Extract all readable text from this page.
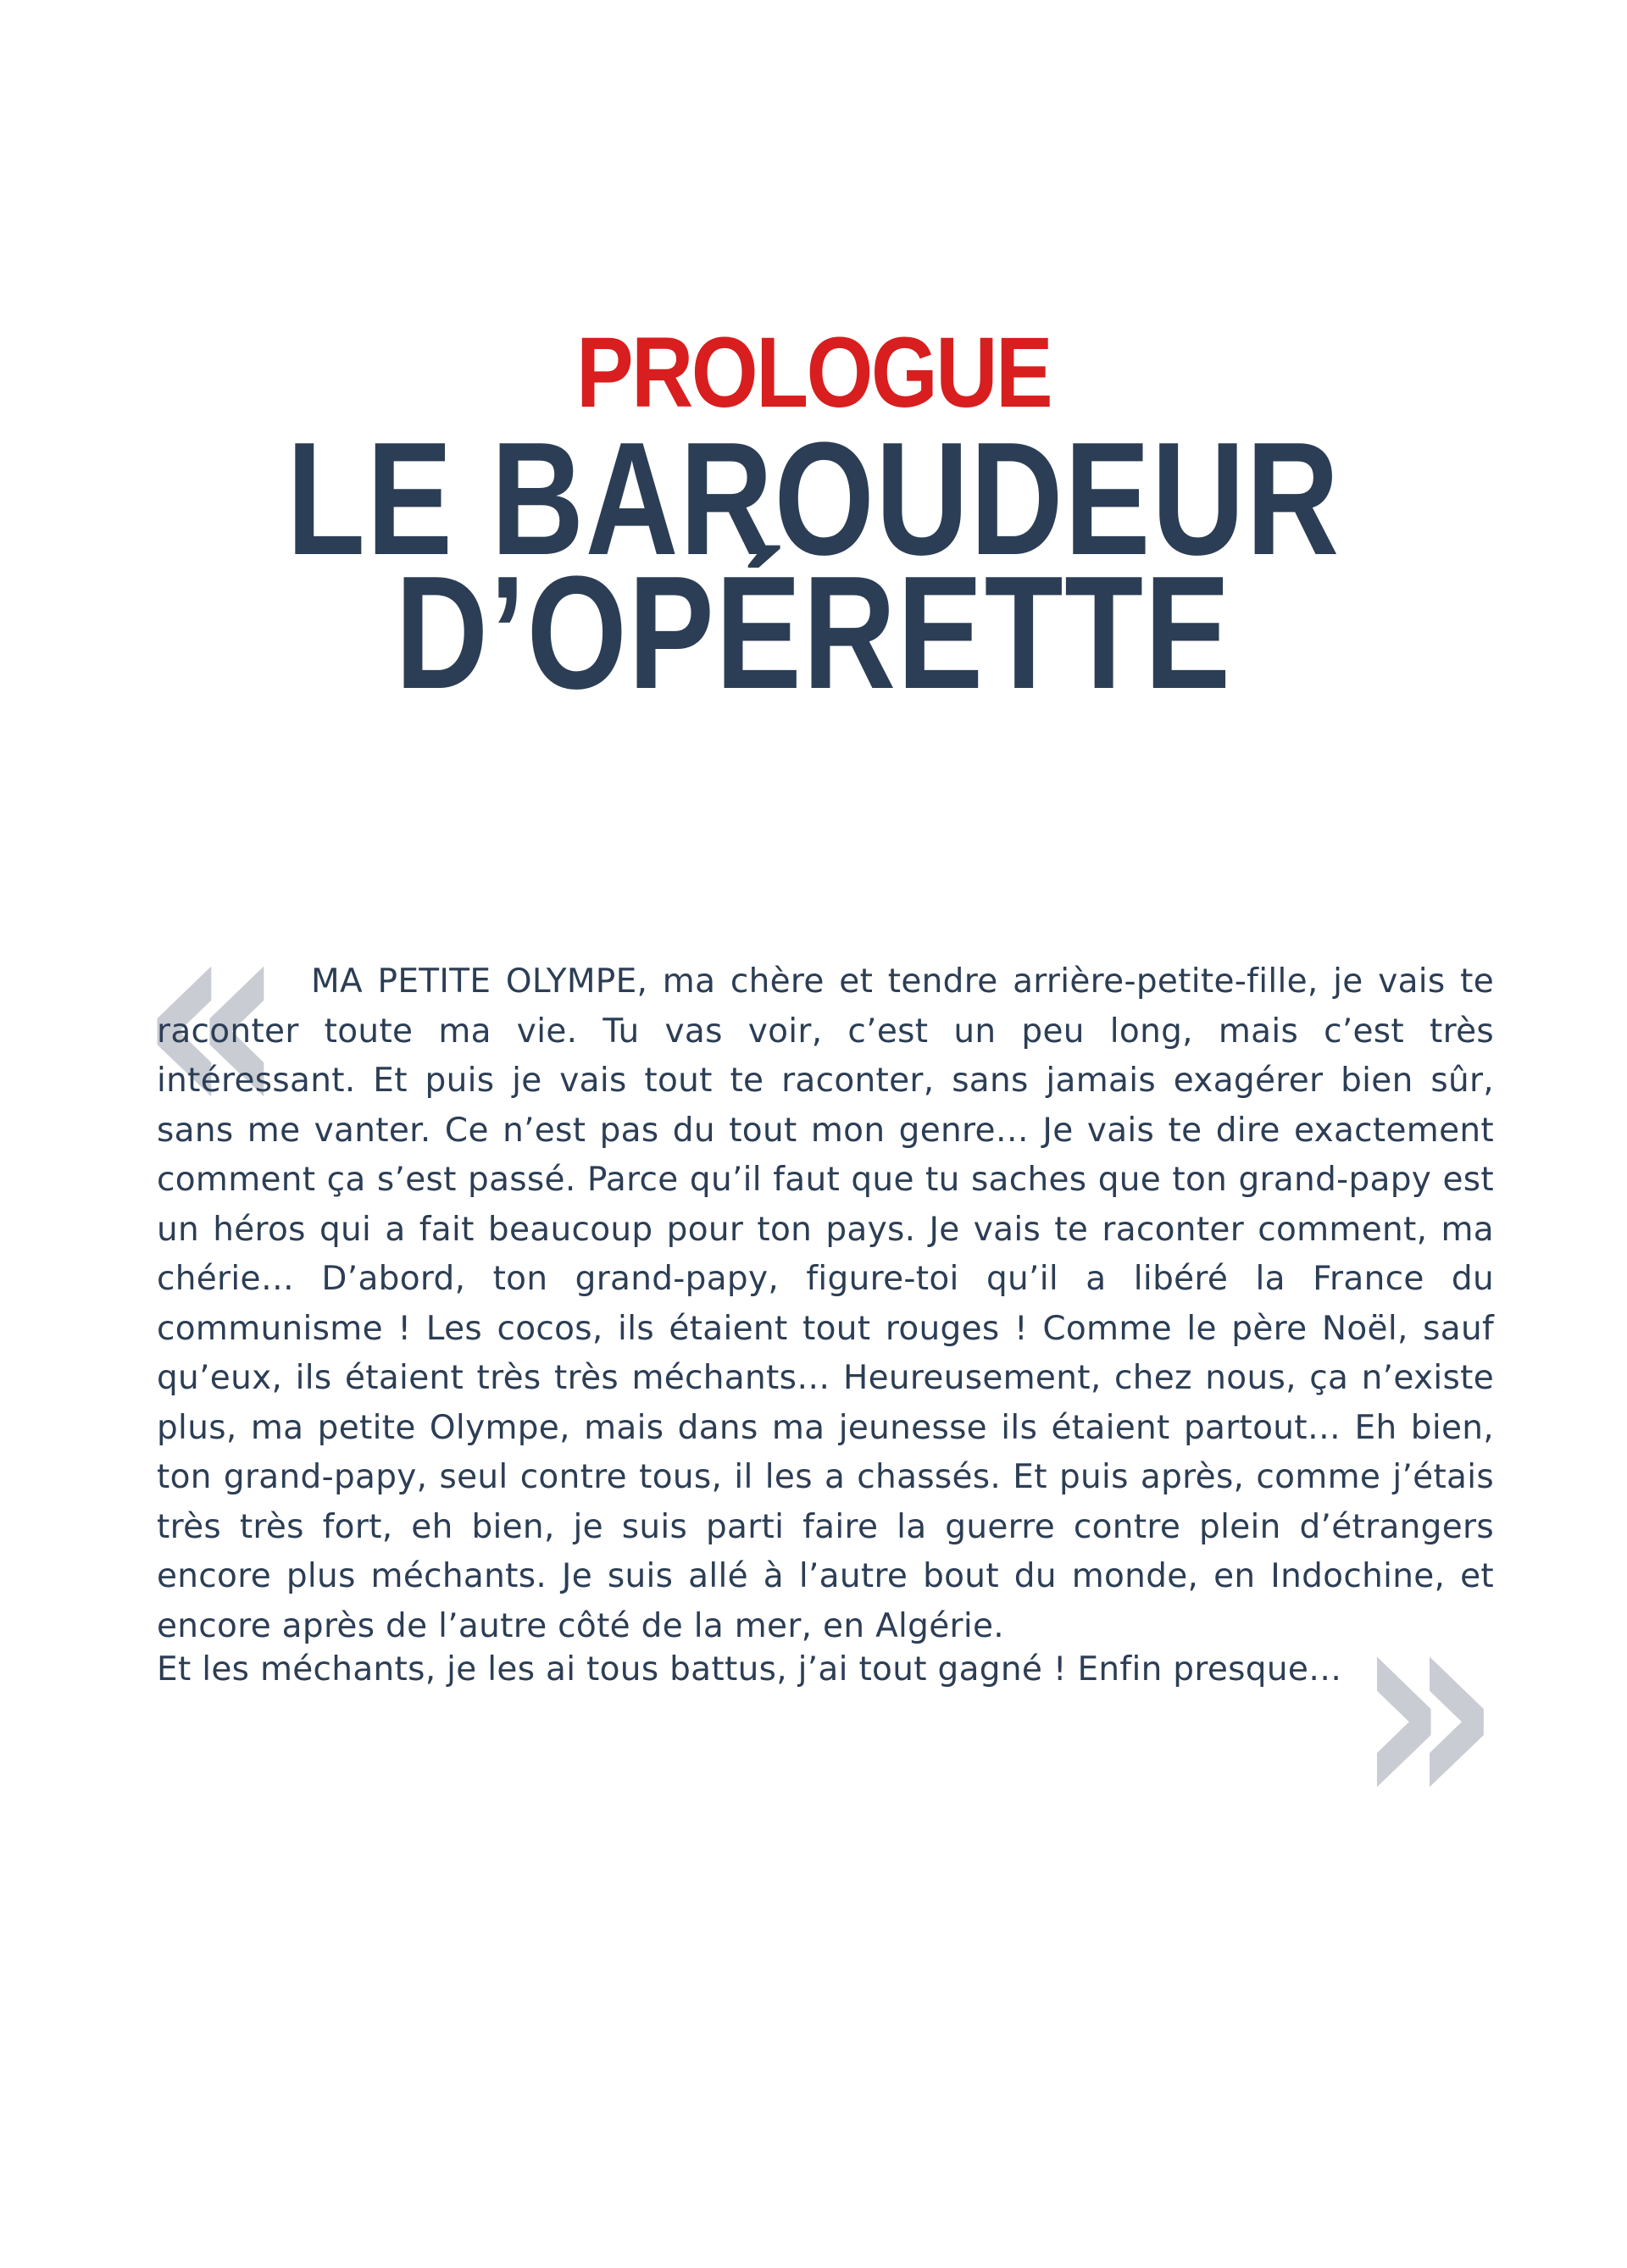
PROLOGUE
LE BAROUDEUR
D’OPÉRETTE
« MA PETITE OLYMPE, ma chère et tendre arrière-petite-fille, je vais te raconter toute ma vie. Tu vas voir, c’est un peu long, mais c’est très intéressant. Et puis je vais tout te raconter, sans jamais exagérer bien sûr, sans me vanter. Ce n’est pas du tout mon genre… Je vais te dire exactement comment ça s’est passé. Parce qu’il faut que tu saches que ton grand-papy est un héros qui a fait beaucoup pour ton pays. Je vais te raconter comment, ma chérie… D’abord, ton grand-papy, figure-toi qu’il a libéré la France du communisme ! Les cocos, ils étaient tout rouges ! Comme le père Noël, sauf qu’eux, ils étaient très très méchants… Heureusement, chez nous, ça n’existe plus, ma petite Olympe, mais dans ma jeunesse ils étaient partout… Eh bien, ton grand-papy, seul contre tous, il les a chassés. Et puis après, comme j’étais très très fort, eh bien, je suis parti faire la guerre contre plein d’étrangers encore plus méchants. Je suis allé à l’autre bout du monde, en Indochine, et encore après de l’autre côté de la mer, en Algérie.

Et les méchants, je les ai tous battus, j’ai tout gagné ! Enfin presque… »
